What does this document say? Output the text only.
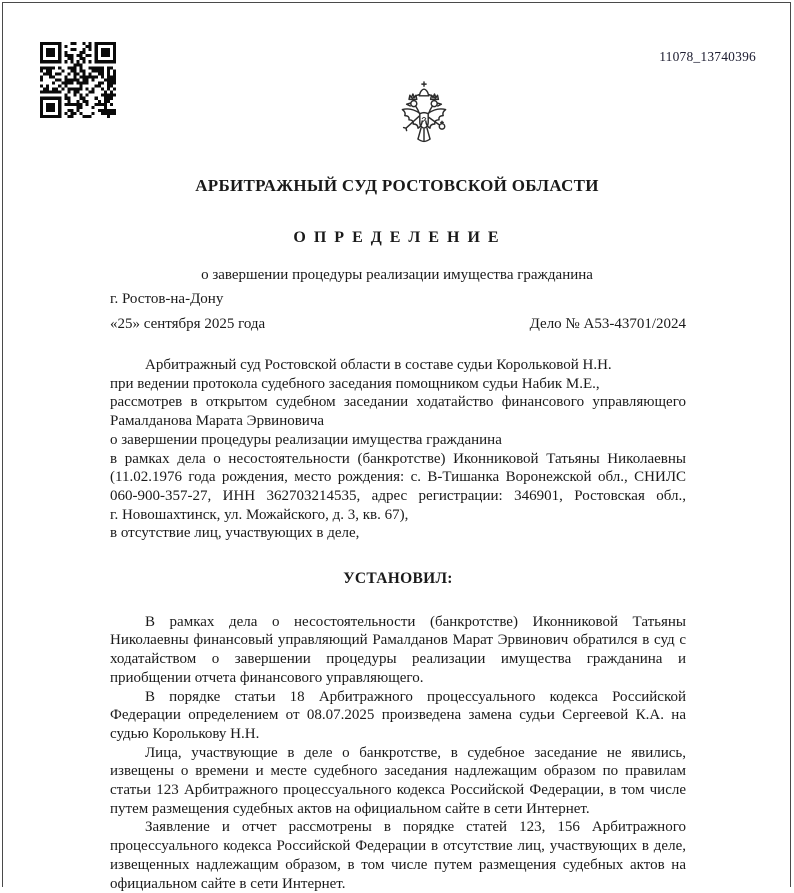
11078_13740396
АРБИТРАЖНЫЙ СУД РОСТОВСКОЙ ОБЛАСТИ
О П Р Е Д Е Л Е Н И Е
о завершении процедуры реализации имущества гражданина
г. Ростов-на-Дону
«25» сентября 2025 года	Дело № А53-43701/2024
Арбитражный суд Ростовской области в составе судьи Корольковой Н.Н.
при ведении протокола судебного заседания помощником судьи Набик М.Е.,
рассмотрев в открытом судебном заседании ходатайство финансового управляющего
Рамалданова Марата Эрвиновича
о завершении процедуры реализации имущества гражданина
в рамках дела о несостоятельности (банкротстве) Иконниковой Татьяны Николаевны
(11.02.1976 года рождения, место рождения: с. В-Тишанка Воронежской обл., СНИЛС
060-900-357-27, ИНН 362703214535, адрес регистрации: 346901, Ростовская обл.,
г. Новошахтинск, ул. Можайского, д. 3, кв. 67),
в отсутствие лиц, участвующих в деле,
УСТАНОВИЛ:

В рамках дела о несостоятельности (банкротстве) Иконниковой Татьяны Николаевны финансовый управляющий Рамалданов Марат Эрвинович обратился в суд с ходатайством о завершении процедуры реализации имущества гражданина и приобщении отчета финансового управляющего.

В порядке статьи 18 Арбитражного процессуального кодекса Российской Федерации определением от 08.07.2025 произведена замена судьи Сергеевой К.А. на судью Королькову Н.Н.

Лица, участвующие в деле о банкротстве, в судебное заседание не явились, извещены о времени и месте судебного заседания надлежащим образом по правилам статьи 123 Арбитражного процессуального кодекса Российской Федерации, в том числе путем размещения судебных актов на официальном сайте в сети Интернет.

Заявление и отчет рассмотрены в порядке статей 123, 156 Арбитражного процессуального кодекса Российской Федерации в отсутствие лиц, участвующих в деле, извещенных надлежащим образом, в том числе путем размещения судебных актов на официальном сайте в сети Интернет.
